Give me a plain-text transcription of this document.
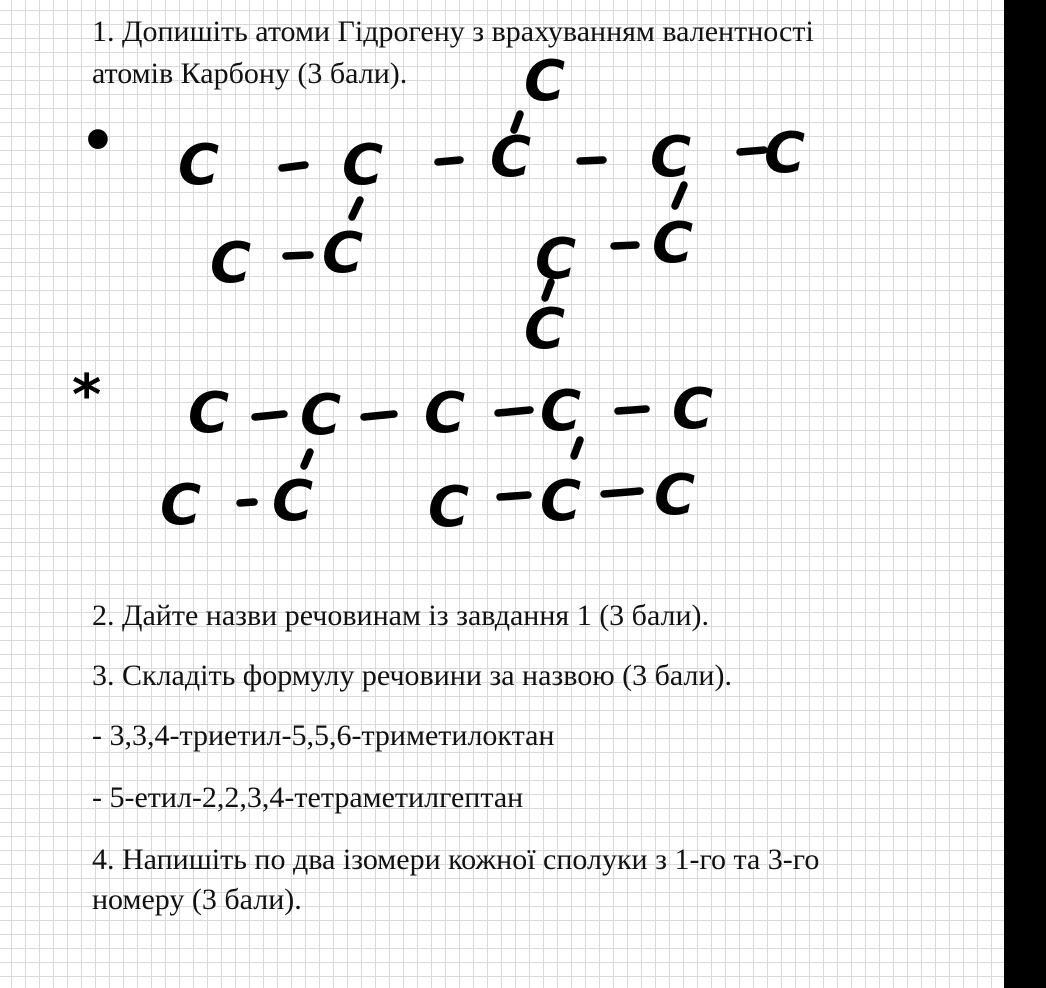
1. Допишіть атоми Гідрогену з врахуванням валентності
атомів Карбону (3 бали).
•
*
C C C C C
C
C C	C C
C
C C C C C
C C C C C
2. Дайте назви речовинам із завдання 1 (3 бали).
3. Складіть формулу речовини за назвою (3 бали).
- 3,3,4-триетил-5,5,6-триметилоктан
- 5-етил-2,2,3,4-тетраметилгептан
4. Напишіть по два ізомери кожної сполуки з 1-го та 3-го
номеру (3 бали).
